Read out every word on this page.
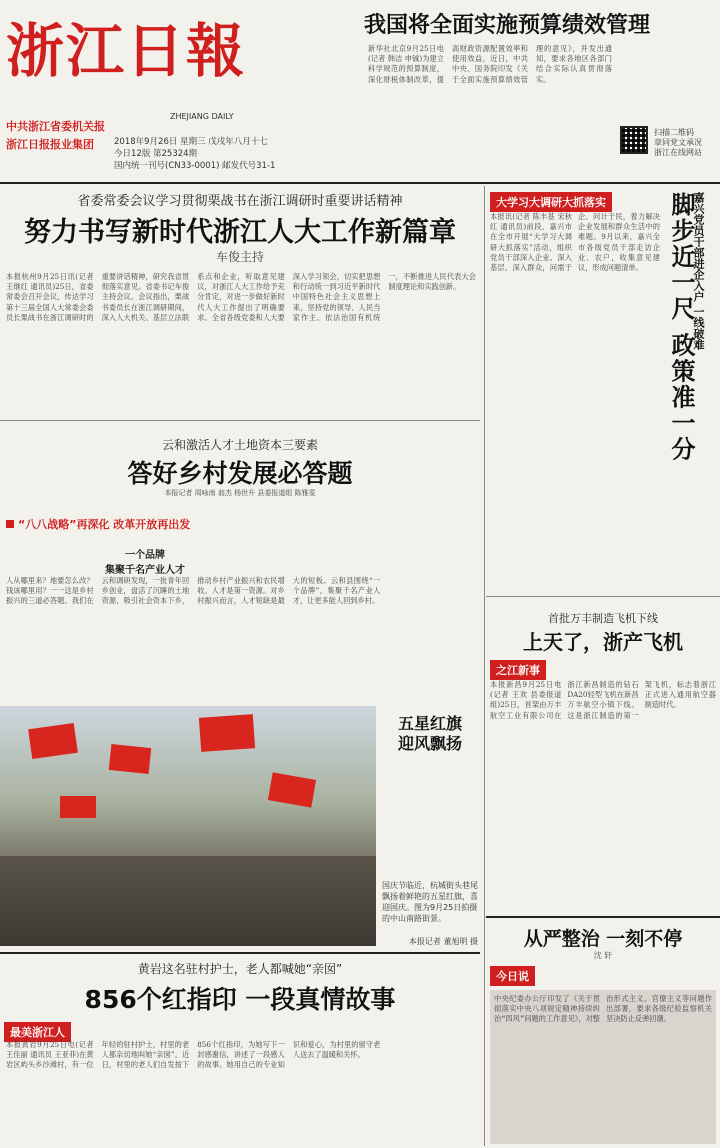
浙江日報
ZHEJIANG DAILY
中共浙江省委机关报
浙江日报报业集团 2018年9月26日 星期三 戊戌年八月十七
今日12版 第25324期
国内统一刊号(CN33-0001) 邮发代号31-1
扫描二维码
章同党文承况
浙江在线网站
我国将全面实施预算绩效管理
新华社北京9月25日电(记者 韩洁 申铖)为建立科学规范的预算制度，深化财税体制改革，提高财政资源配置效率和使用效益，近日，中共中央、国务院印发《关于全面实施预算绩效管理的意见》，并发出通知，要求各地区各部门结合实际认真贯彻落实。
省委常委会议学习贯彻栗战书在浙江调研时重要讲话精神
努力书写新时代浙江人大工作新篇章
车俊主持
本报杭州9月25日讯(记者 王继红 通讯员)25日，省委常委会召开会议，传达学习第十三届全国人大常委会委员长栗战书在浙江调研时的重要讲话精神，研究我省贯彻落实意见。省委书记车俊主持会议。会议指出，栗战书委员长在浙江调研期间，深入人大机关、基层立法联系点和企业，听取意见建议，对浙江人大工作给予充分肯定，对进一步做好新时代人大工作提出了明确要求。全省各级党委和人大要深入学习领会，切实把思想和行动统一到习近平新时代中国特色社会主义思想上来，坚持党的领导、人民当家作主、依法治国有机统一，不断推进人民代表大会制度理论和实践创新。
云和激活人才土地资本三要素
答好乡村发展必答题
本报记者 周咏南 翁杰 杨世升 县委报道组 陈雅雯
“八八战略”再深化 改革开放再出发
一个品牌
集聚千名产业人才
人从哪里来？地要怎么改？钱该哪里用？一一这是乡村振兴的三道必答题。我们在云和调研发现，一批青年回乡创业，盘活了沉睡的土地资源，吸引社会资本下乡，推动乡村产业振兴和农民增收。人才是第一资源。对乡村振兴而言，人才短缺是最大的短板。云和县围绕“一个品牌”，集聚千名产业人才，让更多能人回到乡村。
五星红旗
迎风飘扬
国庆节临近，杭城街头巷尾飘扬着鲜艳的五星红旗，喜迎国庆。图为9月25日拍摄的中山南路街景。
本报记者 董旭明 摄
黄岩这名驻村护士，老人都喊她“亲囡”
856个红指印 一段真情故事
最美浙江人
本报黄岩9月25日电(记者 王佳丽 通讯员 王亚菲)在黄岩区屿头乡沙滩村，有一位年轻的驻村护士，村里的老人都亲切地叫她“亲囡”。近日，村里的老人们自发按下856个红指印，为她写下一封感谢信，讲述了一段感人的故事。她用自己的专业知识和爱心，为村里的留守老人送去了温暖和关怀。
大学习大调研大抓落实
本报讯(记者 陈丰基 宋秋红 通讯员)前段，嘉兴市在全市开展“大学习大调研大抓落实”活动，组织党员干部深入企业、深入基层、深入群众，问需于企、问计于民，着力解决企业发展和群众生活中的难题。9月以来，嘉兴全市各级党员干部走访企业、农户，收集意见建议，形成问题清单。	嘉兴党员干部进企入户 一线破难
脚步近一尺 政策准一分
首批万丰制造飞机下线
上天了，浙产飞机
之江新事
本报新昌9月25日电(记者 王欢 县委报道组)25日，首架由万丰航空工业有限公司在浙江新昌制造的钻石DA20轻型飞机在新昌万丰航空小镇下线。这是浙江制造的第一架飞机，标志着浙江正式进入通用航空器制造时代。
从严整治 一刻不停
沈 轩
今日说
中央纪委办公厅印发了《关于贯彻落实中央八项规定精神持续纠治“四风”问题的工作意见》，对整治形式主义、官僚主义等问题作出部署，要求各级纪检监察机关坚决防止反弹回潮。
